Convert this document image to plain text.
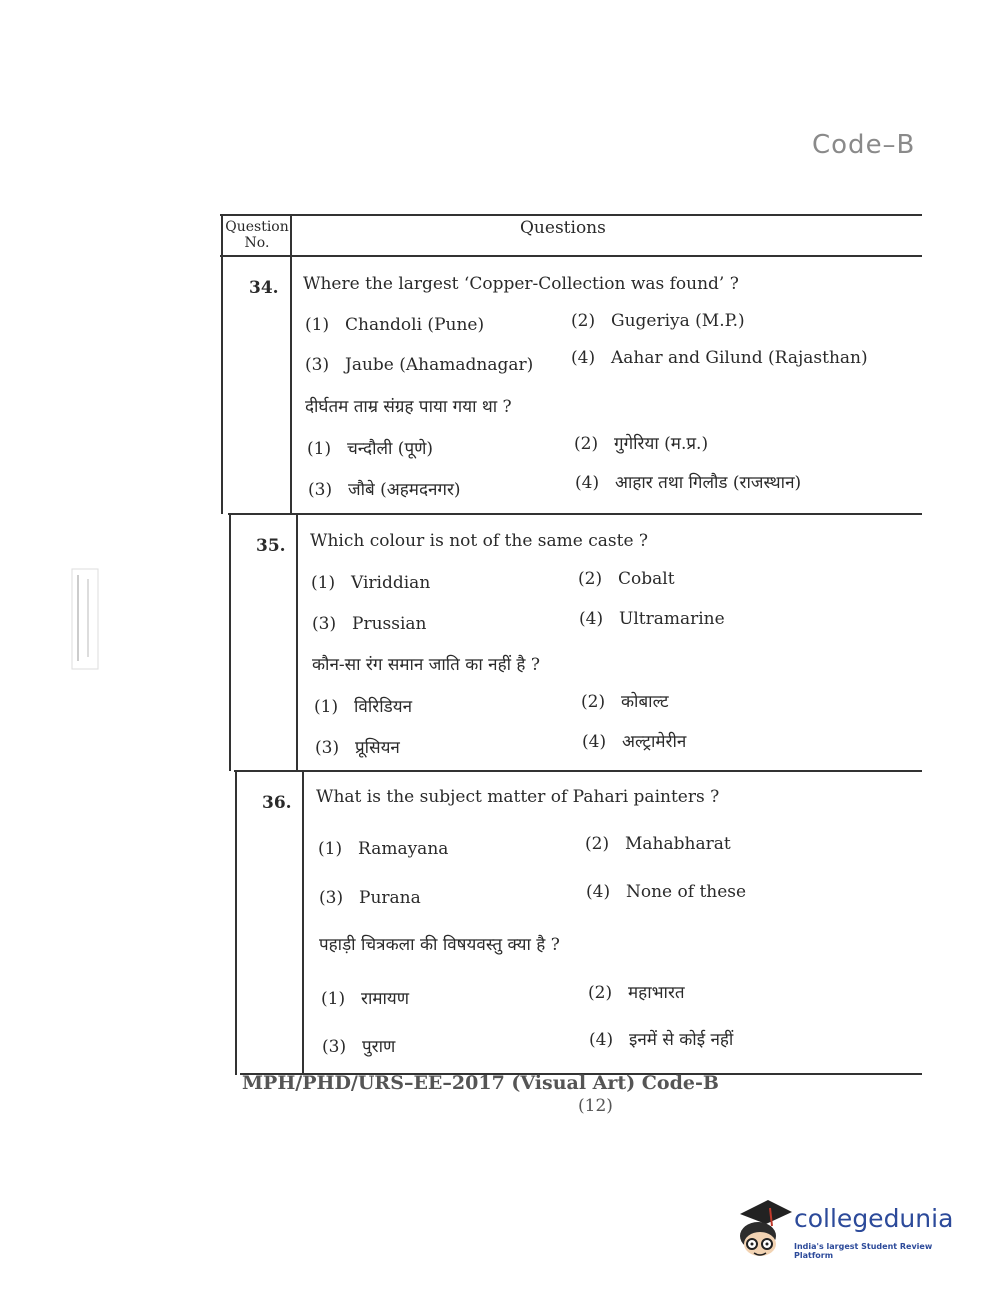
Code–B
Question No.
Questions
34. Where the largest ‘Copper-Collection was found’ ?
(1) Chandoli (Pune)	(2) Gugeriya (M.P.)
(3) Jaube (Ahamadnagar) (4) Aahar and Gilund (Rajasthan)
दीर्घतम ताम्र संग्रह पाया गया था ?
(1) चन्दौली (पूणे)	(2) गुगेरिया (म.प्र.)
(3) जौबे (अहमदनगर)	(4) आहार तथा गिलौड (राजस्थान)
35. Which colour is not of the same caste ?
(1) Viriddian	(2) Cobalt
(3) Prussian	(4) Ultramarine
कौन-सा रंग समान जाति का नहीं है ?
(1) विरिडियन	(2) कोबाल्ट
(3) प्रूसियन	(4) अल्ट्रामेरीन
36. What is the subject matter of Pahari painters ?
(1) Ramayana	(2) Mahabharat
(3) Purana	(4) None of these
पहाड़ी चित्रकला की विषयवस्तु क्या है ?
(1) रामायण	(2) महाभारत
(3) पुराण	(4) इनमें से कोई नहीं
MPH/PHD/URS–EE–2017 (Visual Art) Code-B
(12)
collegedunia
India's largest Student Review Platform
